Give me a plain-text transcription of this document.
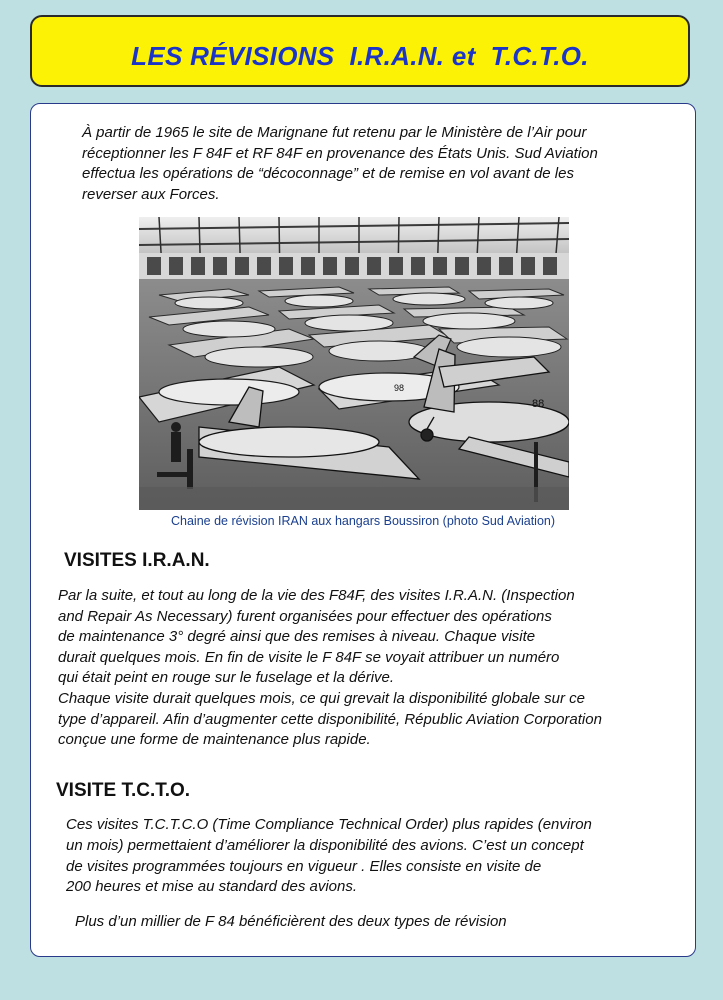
LES RÉVISIONS  I.R.A.N. et  T.C.T.O.
À partir de 1965 le site de Marignane fut retenu par le Ministère de l’Air pour
réceptionner les F 84F et RF 84F en provenance des États Unis. Sud Aviation
effectua les opérations de “décoconnage” et de remise en vol avant de les
reverser aux Forces.
88
98
Chaine de révision IRAN aux hangars Boussiron (photo Sud Aviation)
VISITES I.R.A.N.
Par la suite, et tout au long de la vie des F84F, des visites I.R.A.N. (Inspection
and Repair As Necessary) furent organisées pour effectuer des opérations
de maintenance 3° degré ainsi que des remises à niveau. Chaque visite
durait quelques mois. En fin de visite le F 84F se voyait attribuer un numéro
qui était peint en rouge sur le fuselage et la dérive.
Chaque visite durait quelques mois, ce qui grevait la disponibilité globale sur ce
type d’appareil. Afin d’augmenter cette disponibilité, Républic Aviation Corporation
conçue une forme de maintenance plus rapide.
VISITE T.C.T.O.
Ces visites T.C.T.C.O (Time Compliance Technical Order) plus rapides (environ
un mois) permettaient d’améliorer la disponibilité des avions. C’est un concept
de visites programmées toujours en vigueur . Elles consiste en visite de
200 heures et mise au standard des avions.
Plus d’un millier de F 84 bénéficièrent des deux types de révision
